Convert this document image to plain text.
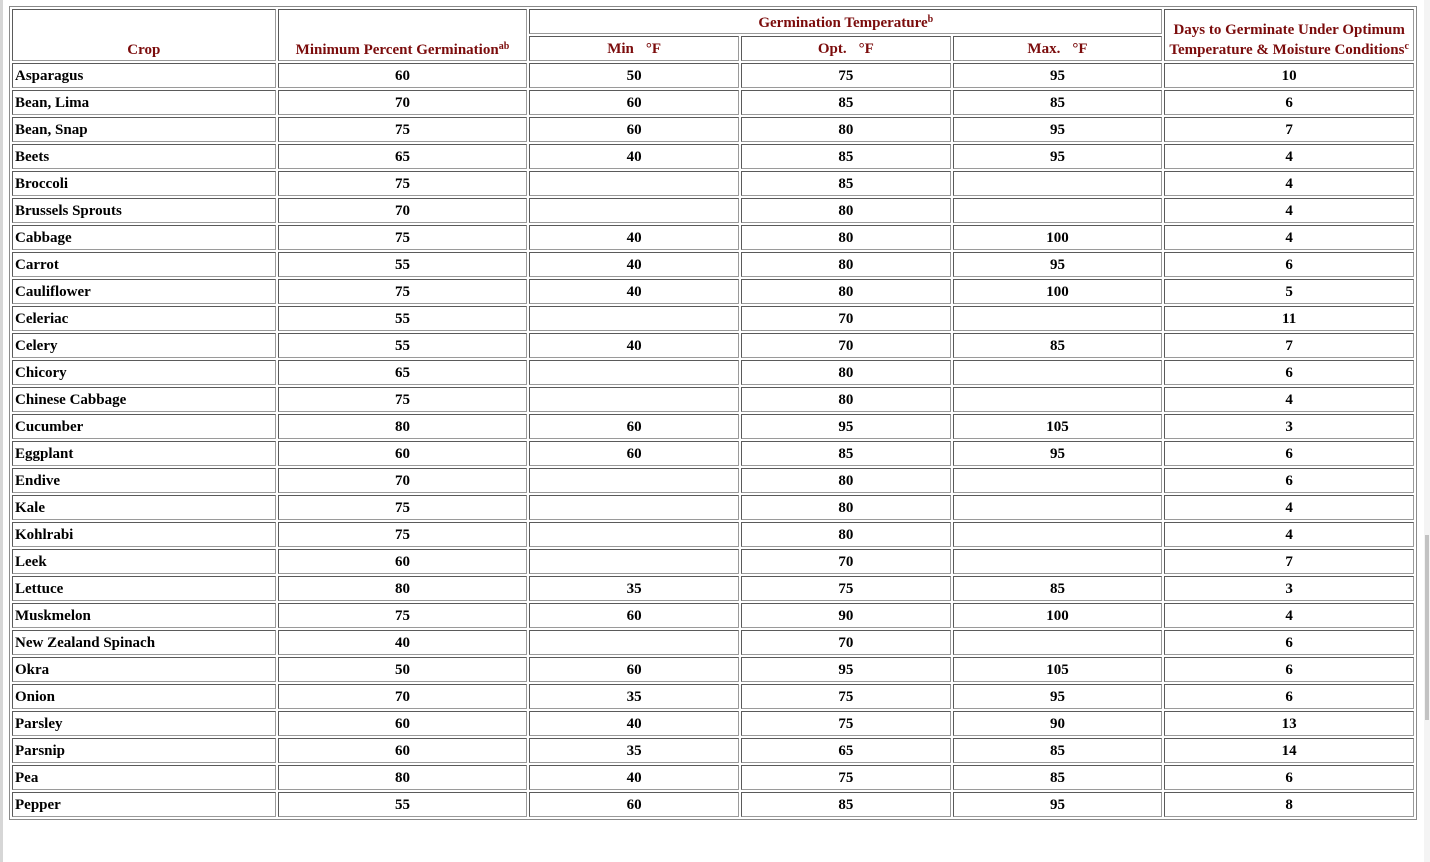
Crop	Minimum Percent Germination$^{ab}$	Germination Temperature$^b$			Days to Germinate Under Optimum Temperature & Moisture Conditions$^c$
		Min °F	Opt. °F	Max. °F	
Asparagus	60	50	75	95	10
Bean, Lima	70	60	85	85	6
Bean, Snap	75	60	80	95	7
Beets	65	40	85	95	4
Broccoli	75		85		4
Brussels Sprouts	70		80		4
Cabbage	75	40	80	100	4
Carrot	55	40	80	95	6
Cauliflower	75	40	80	100	5
Celeriac	55		70		11
Celery	55	40	70	85	7
Chicory	65		80		6
Chinese Cabbage	75		80		4
Cucumber	80	60	95	105	3
Eggplant	60	60	85	95	6
Endive	70		80		6
Kale	75		80		4
Kohlrabi	75		80		4
Leek	60		70		7
Lettuce	80	35	75	85	3
Muskmelon	75	60	90	100	4
New Zealand Spinach	40		70		6
Okra	50	60	95	105	6
Onion	70	35	75	95	6
Parsley	60	40	75	90	13
Parsnip	60	35	65	85	14
Pea	80	40	75	85	6
Pepper	55	60	85	95	8
